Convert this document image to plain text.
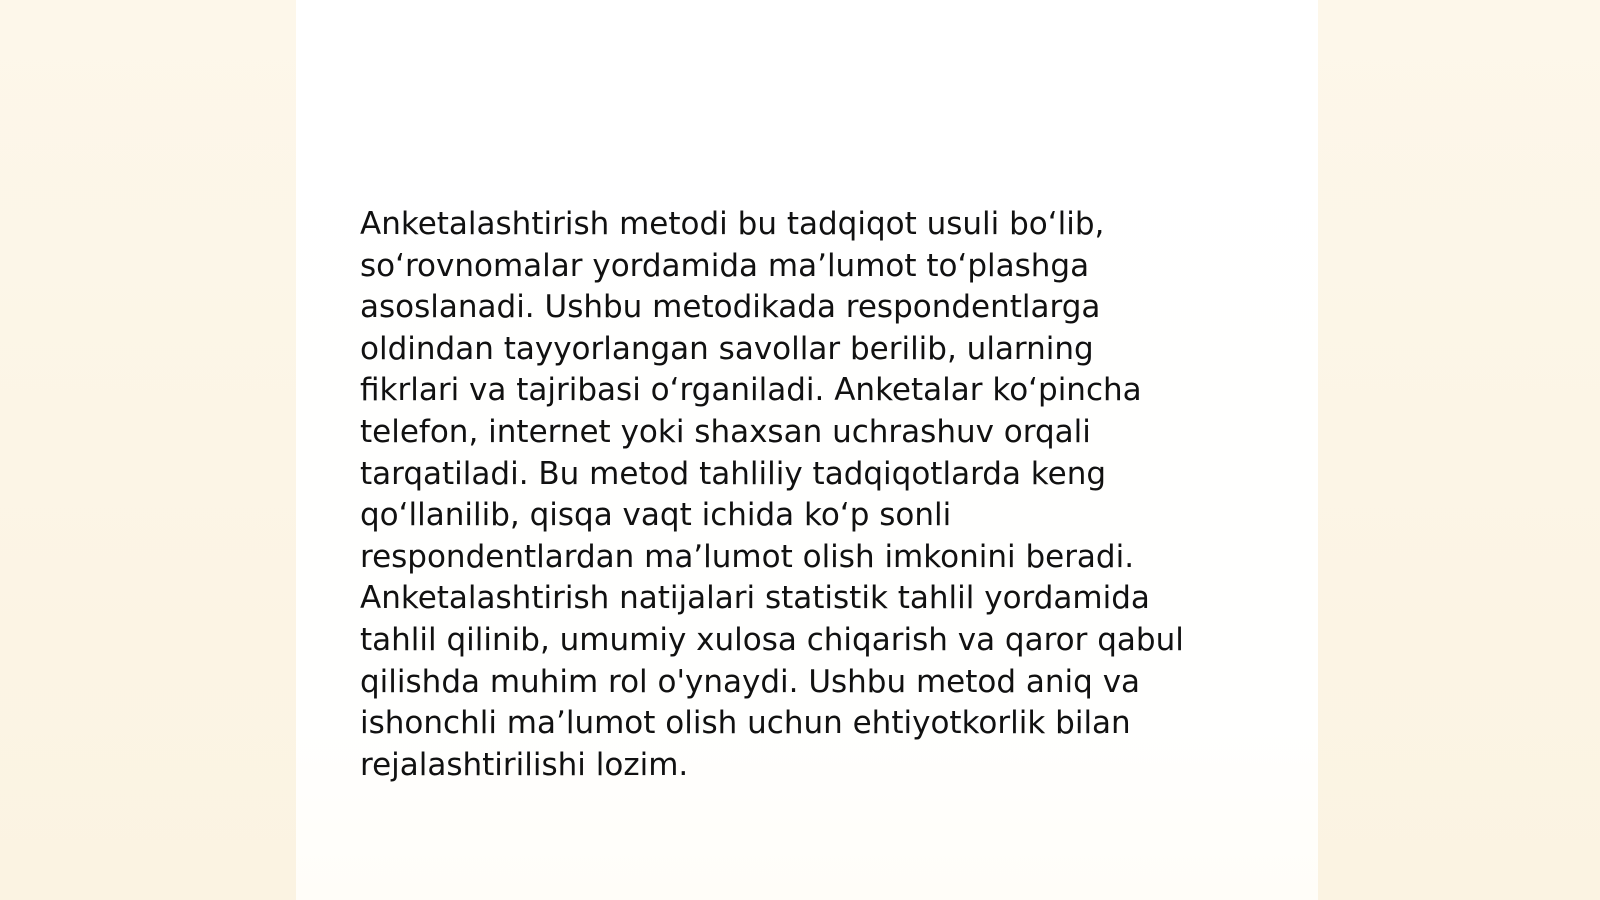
Anketalashtirish metodi bu tadqiqot usuli boʻlib,
soʻrovnomalar yordamida maʼlumot toʻplashga
asoslanadi. Ushbu metodikada respondentlarga
oldindan tayyorlangan savollar berilib, ularning
fikrlari va tajribasi oʻrganiladi. Anketalar koʻpincha
telefon, internet yoki shaxsan uchrashuv orqali
tarqatiladi. Bu metod tahliliy tadqiqotlarda keng
qoʻllanilib, qisqa vaqt ichida koʻp sonli
respondentlardan maʼlumot olish imkonini beradi.
Anketalashtirish natijalari statistik tahlil yordamida
tahlil qilinib, umumiy xulosa chiqarish va qaror qabul
qilishda muhim rol o'ynaydi. Ushbu metod aniq va
ishonchli maʼlumot olish uchun ehtiyotkorlik bilan
rejalashtirilishi lozim.
